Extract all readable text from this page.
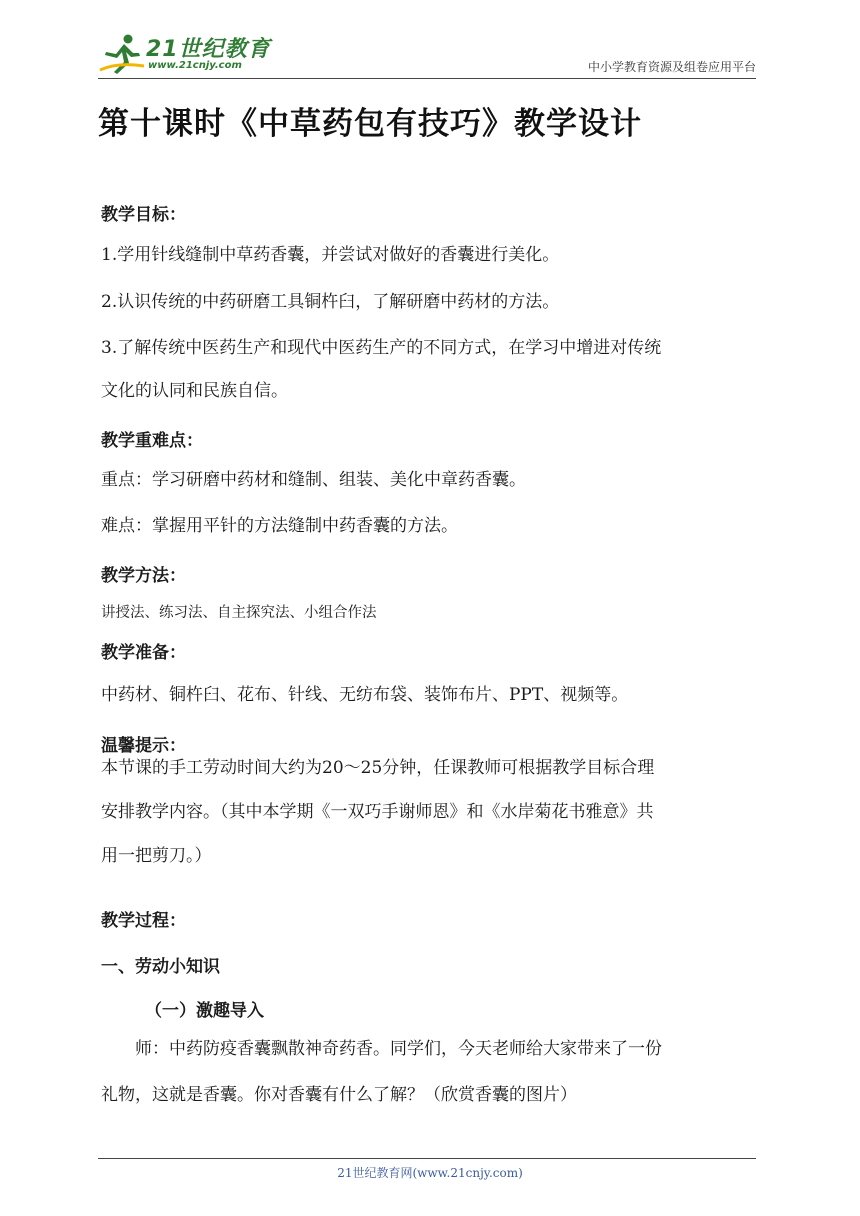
21世纪教育
www.21cnjy.com	中小学教育资源及组卷应用平台
第十课时《中草药包有技巧》教学设计

教学目标：

1.学用针线缝制中草药香囊，并尝试对做好的香囊进行美化。

2.认识传统的中药研磨工具铜杵臼，了解研磨中药材的方法。

3.了解传统中医药生产和现代中医药生产的不同方式，在学习中增进对传统

文化的认同和民族自信。

教学重难点：

重点：学习研磨中药材和缝制、组装、美化中章药香囊。

难点：掌握用平针的方法缝制中药香囊的方法。

教学方法：

讲授法、练习法、自主探究法、小组合作法

教学准备：

中药材、铜杵臼、花布、针线、无纺布袋、装饰布片、PPT、视频等。

温馨提示：

本节课的手工劳动时间大约为20～25分钟，任课教师可根据教学目标合理

安排教学内容。（其中本学期《一双巧手谢师恩》和《水岸菊花书雅意》共

用一把剪刀。）

教学过程：

一、劳动小知识

（一）激趣导入

师：中药防疫香囊飘散神奇药香。同学们，今天老师给大家带来了一份

礼物，这就是香囊。你对香囊有什么了解？（欣赏香囊的图片）

21世纪教育网(www.21cnjy.com)
